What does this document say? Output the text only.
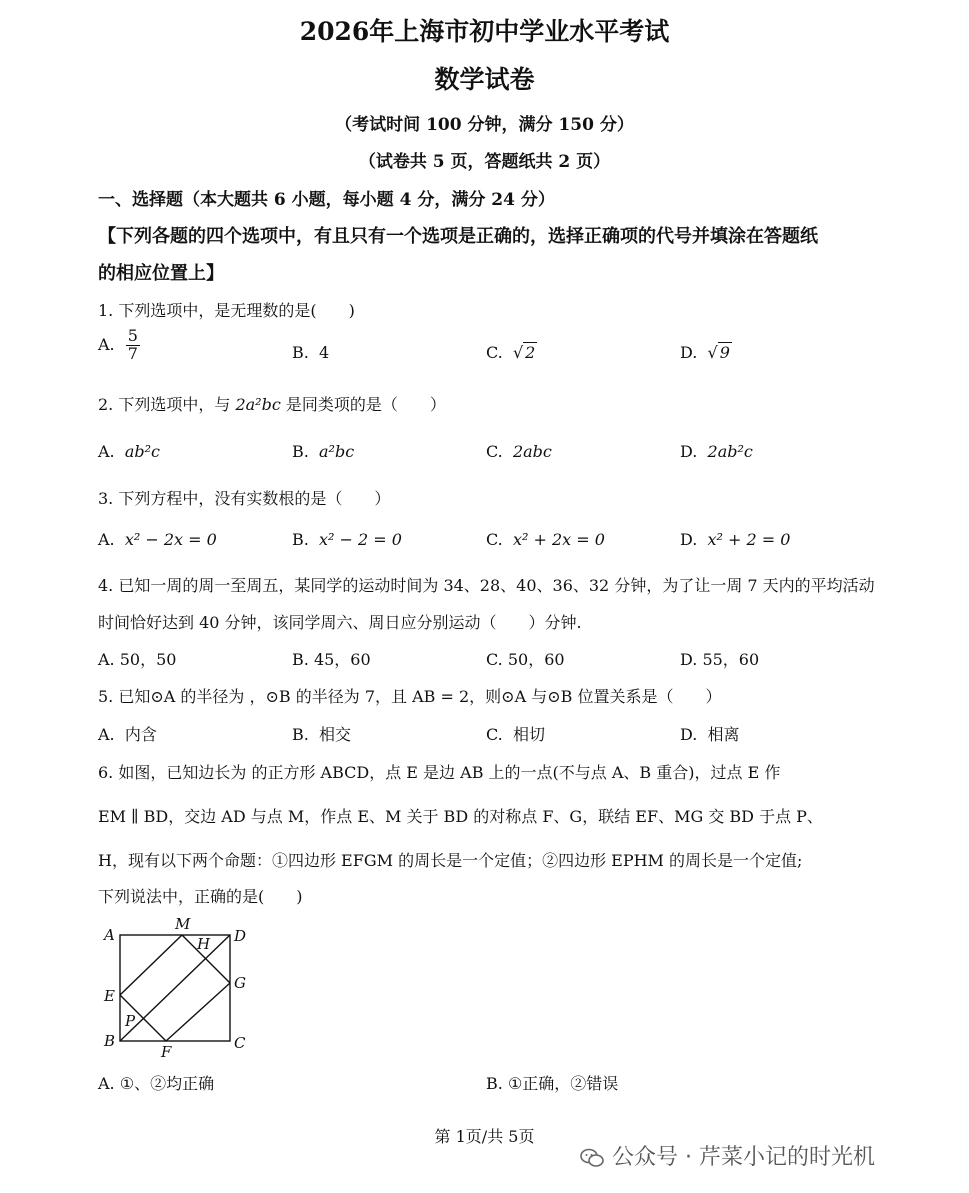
2026年上海市初中学业水平考试
数学试卷
（考试时间 100 分钟，满分 150 分）
（试卷共 5 页，答题纸共 2 页）
一、选择题（本大题共 6 小题，每小题 4 分，满分 24 分）
【下列各题的四个选项中，有且只有一个选项是正确的，选择正确项的代号并填涂在答题纸
的相应位置上】
1. 下列选项中，是无理数的是(　　)
A. $\frac{5}{7}$	B. 4	C. √ 2	D. √ 9
2. 下列选项中，与 2a²bc 是同类项的是（　　）
A. ab²c	B. a²bc	C. 2abc	D. 2ab²c
3. 下列方程中，没有实数根的是（　　）
A. x² − 2x = 0	B. x² − 2 = 0	C. x² + 2x = 0	D. x² + 2 = 0
4. 已知一周的周一至周五，某同学的运动时间为 34、28、40、36、32 分钟，为了让一周 7 天内的平均活动
时间恰好达到 40 分钟，该同学周六、周日应分别运动（　　）分钟.
A. 50，50	B. 45，60	C. 50，60	D. 55，60
5. 已知⊙A 的半径为 ，⊙B 的半径为 7，且 AB = 2，则⊙A 与⊙B 位置关系是（　　）
A. 内含	B. 相交	C. 相切	D. 相离
6. 如图，已知边长为 的正方形 ABCD，点 E 是边 AB 上的一点(不与点 A、B 重合)，过点 E 作
EM ∥ BD，交边 AD 与点 M，作点 E、M 关于 BD 的对称点 F、G，联结 EF、MG 交 BD 于点 P、
H，现有以下两个命题：①四边形 EFGM 的周长是一个定值；②四边形 EPHM 的周长是一个定值;
下列说法中，正确的是(　　)
A
M
H D
E
G
P
B
F	C
A. ①、②均正确	B. ①正确，②错误
第 1页/共 5页
公众号 · 芹菜小记的时光机
